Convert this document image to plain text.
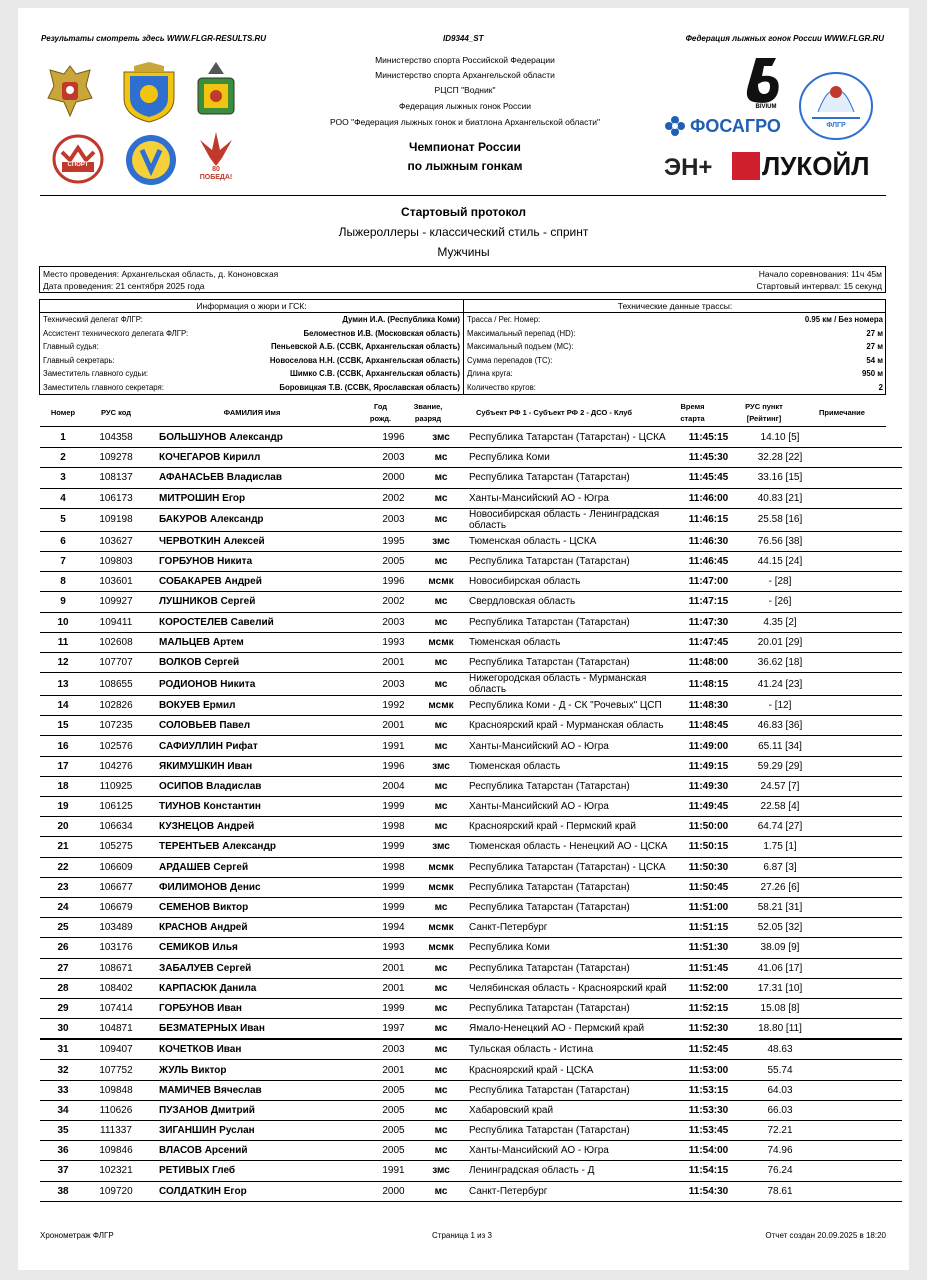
Результаты смотреть здесь WWW.FLGR-RESULTS.RU	ID9344_ST	Федерация лыжных гонок России WWW.FLGR.RU
СПОРТ
80 ПОБЕДА!
Министерство спорта Российской Федерации
Министерство спорта Архангельской области
РЦСП "Водник"
Федерация лыжных гонок России
РОО "Федерация лыжных гонок и биатлона Архангельской области"
Чемпионат России
по лыжным гонкам
BIVIUM
ФОСАГРО	ФЛГР
ЭН+ ЛУКОЙЛ
Стартовый протокол
Лыжероллеры - классический стиль - спринт
Мужчины
Место проведения: Архангельская область, д. Кононовская	Начало соревнования: 11ч 45м
Дата проведения: 21 сентября 2025 года	Стартовый интервал: 15 секунд
Информация о жюри и ГСК:	Технические данные трассы:
Технический делегат ФЛГР:	Думин И.А. (Республика Коми)
Ассистент технического делегата ФЛГР:	Беломестнов И.В. (Московская область)
Главный судья:	Пеньевской А.Б. (ССВК, Архангельская область)
Главный секретарь:	Новоселова Н.Н. (ССВК, Архангельская область)
Заместитель главного судьи:	Шимко С.В. (ССВК, Архангельская область)
Заместитель главного секретаря:	Боровицкая Т.В. (ССВК, Ярославская область)
Трасса / Рег. Номер:	0.95 км / Без номера
Максимальный перепад (HD):	27 м
Максимальный подъем (MC):	27 м
Сумма перепадов (TC):	54 м
Длина круга:	950 м
Количество кругов:	2
Номер	РУС код	ФАМИЛИЯ Имя
Год
рожд.
Звание,
разряд
Субъект РФ 1 - Субъект РФ 2 - ДСО - Клуб
Время
старта
РУС пункт
[Рейтинг]
Примечание
1	104358	БОЛЬШУНОВ Александр	1996	змс	Республика Татарстан (Татарстан) - ЦСКА	11:45:15	14.10 [5]	
2	109278	КОЧЕГАРОВ Кирилл	2003	мс	Республика Коми	11:45:30	32.28 [22]	
3	108137	АФАНАСЬЕВ Владислав	2000	мс	Республика Татарстан (Татарстан)	11:45:45	33.16 [15]	
4	106173	МИТРОШИН Егор	2002	мс	Ханты-Мансийский АО - Югра	11:46:00	40.83 [21]	
5	109198	БАКУРОВ Александр	2003	мс	Новосибирская область - Ленинградская область	11:46:15	25.58 [16]	
6	103627	ЧЕРВОТКИН Алексей	1995	змс	Тюменская область - ЦСКА	11:46:30	76.56 [38]	
7	109803	ГОРБУНОВ Никита	2005	мс	Республика Татарстан (Татарстан)	11:46:45	44.15 [24]	
8	103601	СОБАКАРЕВ Андрей	1996	мсмк	Новосибирская область	11:47:00	- [28]	
9	109927	ЛУШНИКОВ Сергей	2002	мс	Свердловская область	11:47:15	- [26]	
10	109411	КОРОСТЕЛЕВ Савелий	2003	мс	Республика Татарстан (Татарстан)	11:47:30	4.35 [2]	
11	102608	МАЛЬЦЕВ Артем	1993	мсмк	Тюменская область	11:47:45	20.01 [29]	
12	107707	ВОЛКОВ Сергей	2001	мс	Республика Татарстан (Татарстан)	11:48:00	36.62 [18]	
13	108655	РОДИОНОВ Никита	2003	мс	Нижегородская область - Мурманская область	11:48:15	41.24 [23]	
14	102826	ВОКУЕВ Ермил	1992	мсмк	Республика Коми - Д - СК "Рочевых" ЦСП	11:48:30	- [12]	
15	107235	СОЛОВЬЕВ Павел	2001	мс	Красноярский край - Мурманская область	11:48:45	46.83 [36]	
16	102576	САФИУЛЛИН Рифат	1991	мс	Ханты-Мансийский АО - Югра	11:49:00	65.11 [34]	
17	104276	ЯКИМУШКИН Иван	1996	змс	Тюменская область	11:49:15	59.29 [29]	
18	110925	ОСИПОВ Владислав	2004	мс	Республика Татарстан (Татарстан)	11:49:30	24.57 [7]	
19	106125	ТИУНОВ Константин	1999	мс	Ханты-Мансийский АО - Югра	11:49:45	22.58 [4]	
20	106634	КУЗНЕЦОВ Андрей	1998	мс	Красноярский край - Пермский край	11:50:00	64.74 [27]	
21	105275	ТЕРЕНТЬЕВ Александр	1999	змс	Тюменская область - Ненецкий АО - ЦСКА	11:50:15	1.75 [1]	
22	106609	АРДАШЕВ Сергей	1998	мсмк	Республика Татарстан (Татарстан) - ЦСКА	11:50:30	6.87 [3]	
23	106677	ФИЛИМОНОВ Денис	1999	мсмк	Республика Татарстан (Татарстан)	11:50:45	27.26 [6]	
24	106679	СЕМЕНОВ Виктор	1999	мс	Республика Татарстан (Татарстан)	11:51:00	58.21 [31]	
25	103489	КРАСНОВ Андрей	1994	мсмк	Санкт-Петербург	11:51:15	52.05 [32]	
26	103176	СЕМИКОВ Илья	1993	мсмк	Республика Коми	11:51:30	38.09 [9]	
27	108671	ЗАБАЛУЕВ Сергей	2001	мс	Республика Татарстан (Татарстан)	11:51:45	41.06 [17]	
28	108402	КАРПАСЮК Данила	2001	мс	Челябинская область - Красноярский край	11:52:00	17.31 [10]	
29	107414	ГОРБУНОВ Иван	1999	мс	Республика Татарстан (Татарстан)	11:52:15	15.08 [8]	
30	104871	БЕЗМАТЕРНЫХ Иван	1997	мс	Ямало-Ненецкий АО - Пермский край	11:52:30	18.80 [11]	
31	109407	КОЧЕТКОВ Иван	2003	мс	Тульская область - Истина	11:52:45	48.63	
32	107752	ЖУЛЬ Виктор	2001	мс	Красноярский край - ЦСКА	11:53:00	55.74	
33	109848	МАМИЧЕВ Вячеслав	2005	мс	Республика Татарстан (Татарстан)	11:53:15	64.03	
34	110626	ПУЗАНОВ Дмитрий	2005	мс	Хабаровский край	11:53:30	66.03	
35	111337	ЗИГАНШИН Руслан	2005	мс	Республика Татарстан (Татарстан)	11:53:45	72.21	
36	109846	ВЛАСОВ Арсений	2005	мс	Ханты-Мансийский АО - Югра	11:54:00	74.96	
37	102321	РЕТИВЫХ Глеб	1991	змс	Ленинградская область - Д	11:54:15	76.24	
38	109720	СОЛДАТКИН Егор	2000	мс	Санкт-Петербург	11:54:30	78.61	
Хронометраж ФЛГР	Страница 1 из 3	Отчет создан 20.09.2025 в 18:20
